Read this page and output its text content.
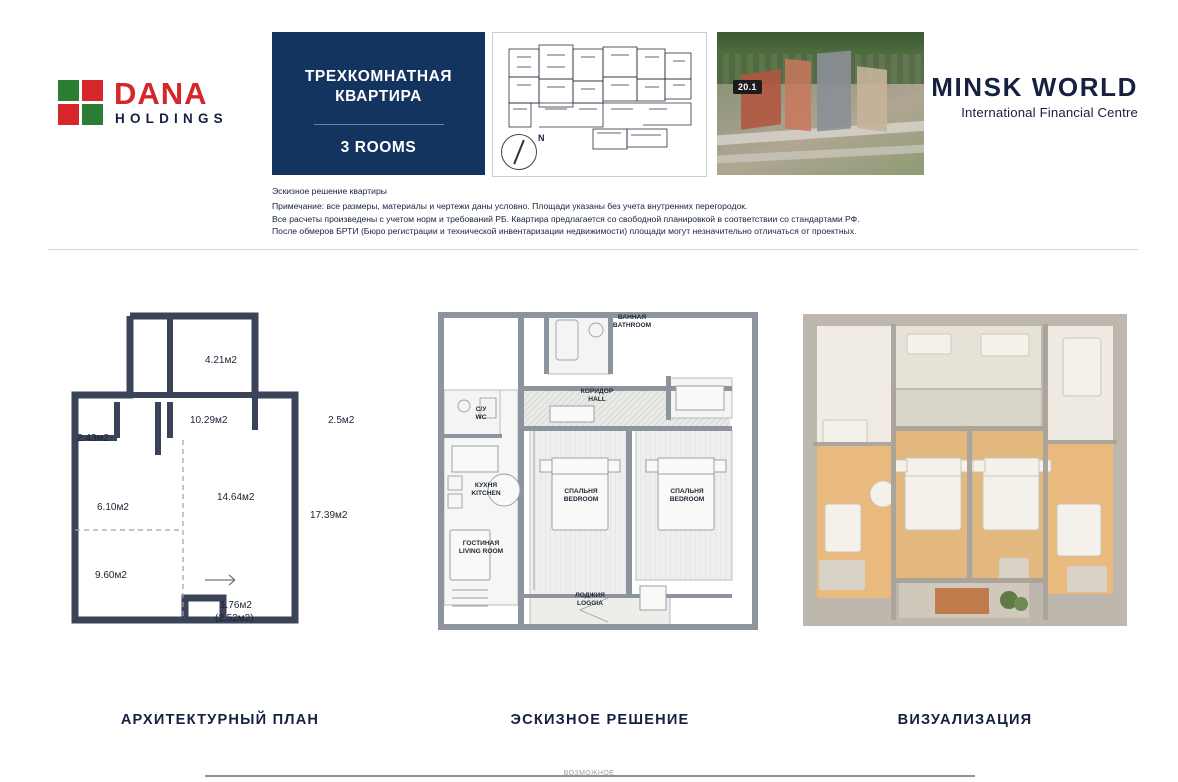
DANA
HOLDINGS
ТРЕХКОМНАТНАЯ
КВАРТИРА
3 ROOMS
N
20.1	MINSK WORLD
International Financial Centre
Эскизное решение квартиры
Примечание: все размеры, материалы и чертежи даны условно. Площади указаны без учета внутренних перегородок.
Все расчеты произведены с учетом норм и требований РБ. Квартира предлагается со свободной планировкой в соответствии со стандартами РФ.
После обмеров БРТИ (Бюро регистрации и технической инвентаризации недвижимости) площади могут незначительно отличаться от проектных.
4.21м2
10.29м2	2.5м2
2.43м2
14.64м2
17.39м2
6.10м2
9.60м2
1.76м2
(2.52м2)
ВАННАЯ
BATHROOM
КОРИДОР
НALL
С/У
WC
КУХНЯ
KITCHEN
ГОСТИНАЯ
LIVING ROOM
СПАЛЬНЯ
BEDROOM
СПАЛЬНЯ
BEDROOM
ЛОДЖИЯ
LOGGIA
АРХИТЕКТУРНЫЙ ПЛАН	ЭСКИЗНОЕ РЕШЕНИЕ	ВИЗУАЛИЗАЦИЯ
ВОЗМОЖНОЕ
